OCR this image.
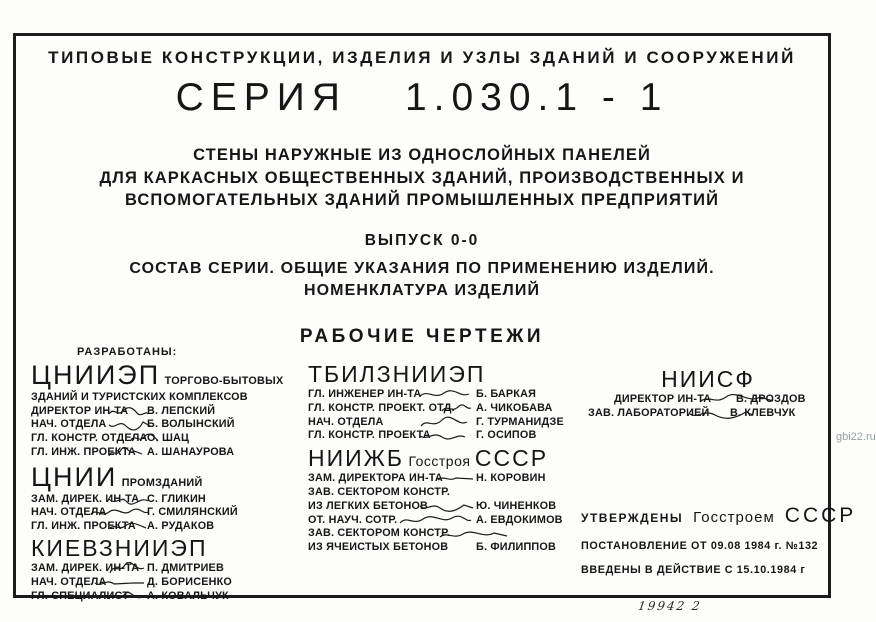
ТИПОВЫЕ КОНСТРУКЦИИ, ИЗДЕЛИЯ И УЗЛЫ ЗДАНИЙ И СООРУЖЕНИЙ
СЕРИЯ 1.030.1 - 1
СТЕНЫ НАРУЖНЫЕ ИЗ ОДНОСЛОЙНЫХ ПАНЕЛЕЙ
ДЛЯ КАРКАСНЫХ ОБЩЕСТВЕННЫХ ЗДАНИЙ, ПРОИЗВОДСТВЕННЫХ И
ВСПОМОГАТЕЛЬНЫХ ЗДАНИЙ ПРОМЫШЛЕННЫХ ПРЕДПРИЯТИЙ
ВЫПУСК 0-0
СОСТАВ СЕРИИ. ОБЩИЕ УКАЗАНИЯ ПО ПРИМЕНЕНИЮ ИЗДЕЛИЙ.
НОМЕНКЛАТУРА ИЗДЕЛИЙ
РАБОЧИЕ ЧЕРТЕЖИ
РАЗРАБОТАНЫ:
ЦНИИЭП ТОРГОВО-БЫТОВЫХ
ЗДАНИЙ И ТУРИСТСКИХ КОМПЛЕКСОВ
ДИРЕКТОР ИН-ТА В. ЛЕПСКИЙ
НАЧ. ОТДЕЛА	Б. ВОЛЫНСКИЙ
ГЛ. КОНСТР. ОТДЕЛА О. ШАЦ
ГЛ. ИНЖ. ПРОЕКТА А. ШАНАУРОВА
ЦНИИ ПРОМЗДАНИЙ
ЗАМ. ДИРЕК. ИН-ТА С. ГЛИКИН
НАЧ. ОТДЕЛА	Г. СМИЛЯНСКИЙ
ГЛ. ИНЖ. ПРОЕКТА А. РУДАКОВ
КИЕВЗНИИЭП
ЗАМ. ДИРЕК. ИН-ТА П. ДМИТРИЕВ
НАЧ. ОТДЕЛА	Д. БОРИСЕНКО
ГЛ. СПЕЦИАЛИСТ А. КОВАЛЬЧУК
ТБИЛЗНИИЭП
ГЛ. ИНЖЕНЕР ИН-ТА	Б. БАРКАЯ
ГЛ. КОНСТР. ПРОЕКТ. ОТД. А. ЧИКОБАВА
НАЧ. ОТДЕЛА	Г. ТУРМАНИДЗЕ
ГЛ. КОНСТР. ПРОЕКТА	Г. ОСИПОВ
НИИЖБ Госстроя СССР
ЗАМ. ДИРЕКТОРА ИН-ТА	Н. КОРОВИН
ЗАВ. СЕКТОРОМ КОНСТР.
ИЗ ЛЕГКИХ БЕТОНОВ	Ю. ЧИНЕНКОВ
ОТ. НАУЧ. СОТР.	А. ЕВДОКИМОВ
ЗАВ. СЕКТОРОМ КОНСТР.
ИЗ ЯЧЕИСТЫХ БЕТОНОВ	Б. ФИЛИППОВ
НИИСФ
ДИРЕКТОР ИН-ТА В. ДРОЗДОВ
ЗАВ. ЛАБОРАТОРИЕЙ В. КЛЕВЧУК
УТВЕРЖДЕНЫ Госстроем СССР
ПОСТАНОВЛЕНИЕ ОТ 09.08 1984 г. №132
ВВЕДЕНЫ В ДЕЙСТВИЕ С 15.10.1984 г
gbi22.ru
19942 2
